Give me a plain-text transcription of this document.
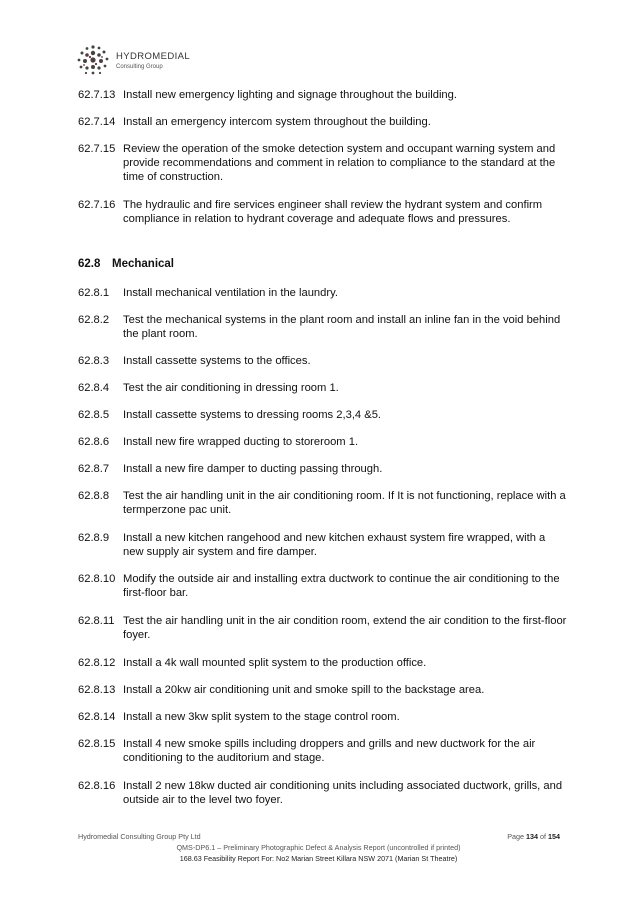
HYDROMEDIAL
Consulting Group
62.7.13 Install new emergency lighting and signage throughout the building.
62.7.14 Install an emergency intercom system throughout the building.
62.7.15 Review the operation of the smoke detection system and occupant warning system and provide recommendations and comment in relation to compliance to the standard at the time of construction.
62.7.16 The hydraulic and fire services engineer shall review the hydrant system and confirm compliance in relation to hydrant coverage and adequate flows and pressures.
62.8 Mechanical
62.8.1	Install mechanical ventilation in the laundry.
62.8.2	Test the mechanical systems in the plant room and install an inline fan in the void behind the plant room.
62.8.3	Install cassette systems to the offices.
62.8.4	Test the air conditioning in dressing room 1.
62.8.5	Install cassette systems to dressing rooms 2,3,4 &5.
62.8.6	Install new fire wrapped ducting to storeroom 1.
62.8.7	Install a new fire damper to ducting passing through.
62.8.8	Test the air handling unit in the air conditioning room. If It is not functioning, replace with a termperzone pac unit.
62.8.9	Install a new kitchen rangehood and new kitchen exhaust system fire wrapped, with a new supply air system and fire damper.
62.8.10 Modify the outside air and installing extra ductwork to continue the air conditioning to the first-floor bar.
62.8.11 Test the air handling unit in the air condition room, extend the air condition to the first-floor foyer.
62.8.12 Install a 4k wall mounted split system to the production office.
62.8.13 Install a 20kw air conditioning unit and smoke spill to the backstage area.
62.8.14 Install a new 3kw split system to the stage control room.
62.8.15 Install 4 new smoke spills including droppers and grills and new ductwork for the air conditioning to the auditorium and stage.
62.8.16 Install 2 new 18kw ducted air conditioning units including associated ductwork, grills, and outside air to the level two foyer.
Hydromedial Consulting Group Pty Ltd	Page 134 of 154
QMS-DP6.1 – Preliminary Photographic Defect & Analysis Report (uncontrolled if printed)
168.63 Feasibility Report For: No2 Marian Street Killara NSW 2071 (Marian St Theatre)
